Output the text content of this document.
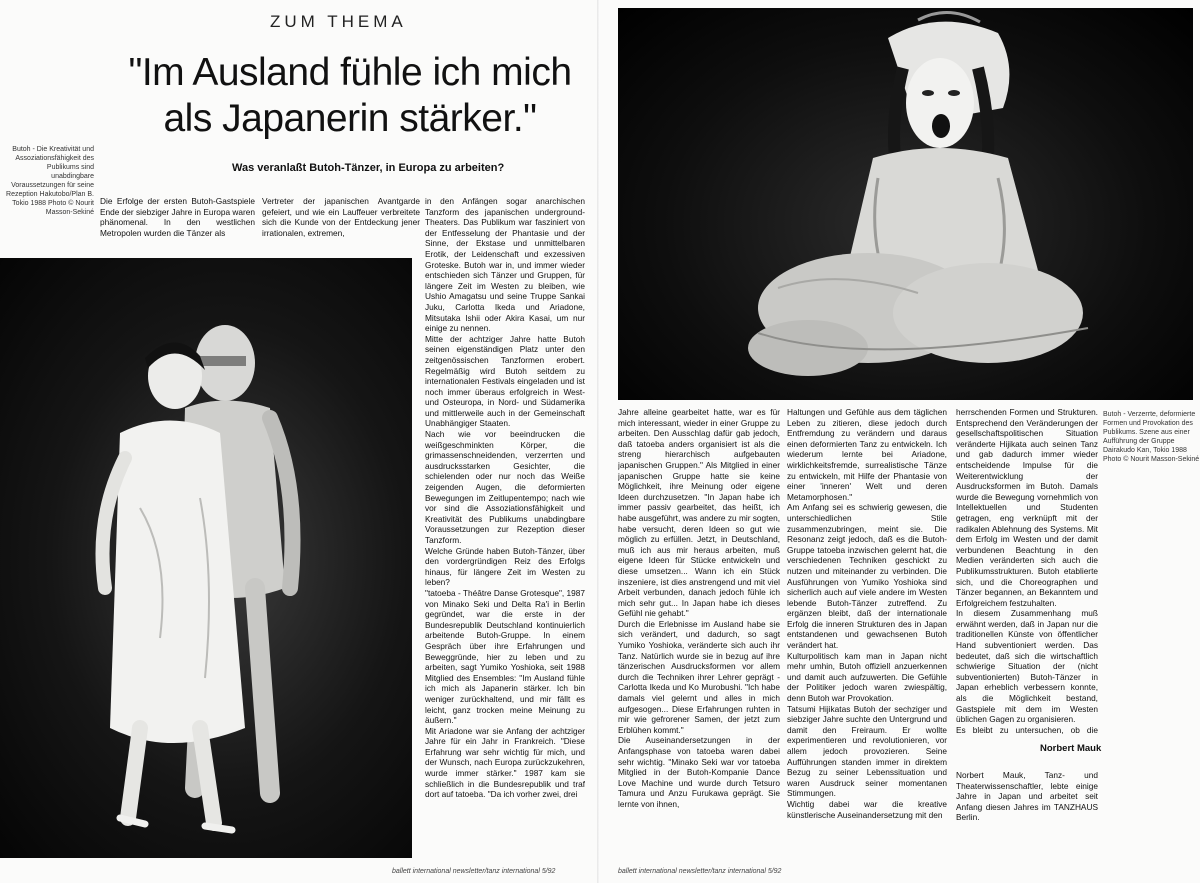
ZUM THEMA
"Im Ausland fühle ich mich als Japanerin stärker."
Was veranlaßt Butoh-Tänzer, in Europa zu arbeiten?
Butoh - Die Kreativität und Assoziationsfähigkeit des Publikums sind unabdingbare Voraussetzungen für seine Rezeption Hakutobo/Plan B. Tokio 1988 Photo © Nourit Masson-Sekiné

Die Erfolge der ersten Butoh-Gastspiele Ende der siebziger Jahre in Europa waren phänomenal. In den westlichen Metropolen wurden die Tänzer als

Vertreter der japanischen Avantgarde gefeiert, und wie ein Lauffeuer verbreitete sich die Kunde von der Entdeckung jener irrationalen, extremen,

in den Anfängen sogar anarchischen Tanzform des japanischen underground-Theaters. Das Publikum war fasziniert von der Entfesselung der Phantasie und der Sinne, der Ekstase und unmittelbaren Erotik, der Leidenschaft und exzessiven Groteske. Butoh war in, und immer wieder entschieden sich Tänzer und Gruppen, für längere Zeit im Westen zu bleiben, wie Ushio Amagatsu und seine Truppe Sankai Juku, Carlotta Ikeda und Ariadone, Mitsutaka Ishii oder Akira Kasai, um nur einige zu nennen.
Mitte der achtziger Jahre hatte Butoh seinen eigenständigen Platz unter den zeitgenössischen Tanzformen erobert. Regelmäßig wird Butoh seitdem zu internationalen Festivals eingeladen und ist noch immer überaus erfolgreich in West- und Osteuropa, in Nord- und Südamerika und mittlerweile auch in der Gemeinschaft Unabhängiger Staaten.
Nach wie vor beeindrucken die weißgeschminkten Körper, die grimassenschneidenden, verzerrten und ausdrucksstarken Gesichter, die schielenden oder nur noch das Weiße zeigenden Augen, die deformierten Bewegungen im Zeitlupentempo; nach wie vor sind die Assoziationsfähigkeit und Kreativität des Publikums unabdingbare Voraussetzungen zur Rezeption dieser Tanzform.
Welche Gründe haben Butoh-Tänzer, über den vordergründigen Reiz des Erfolgs hinaus, für längere Zeit im Westen zu leben?
"tatoeba - Théâtre Danse Grotesque", 1987 von Minako Seki und Delta Ra'i in Berlin gegründet, war die erste in der Bundesrepublik Deutschland kontinuierlich arbeitende Butoh-Gruppe. In einem Gespräch über ihre Erfahrungen und Beweggründe, hier zu leben und zu arbeiten, sagt Yumiko Yoshioka, seit 1988 Mitglied des Ensembles: "Im Ausland fühle ich mich als Japanerin stärker. Ich bin weniger zurückhaltend, und mir fällt es leicht, ganz trocken meine Meinung zu äußern."
Mit Ariadone war sie Anfang der achtziger Jahre für ein Jahr in Frankreich. "Diese Erfahrung war sehr wichtig für mich, und der Wunsch, nach Europa zurückzukehren, wurde immer stärker." 1987 kam sie schließlich in die Bundesrepublik und traf dort auf tatoeba. "Da ich vorher zwei, drei

ballett international newsletter/tanz international 5/92	ballett international newsletter/tanz international 5/92
Butoh - Verzerrte, deformierte Formen und Provokation des Publikums. Szene aus einer Aufführung der Gruppe Dairakudo Kan, Tokio 1988 Photo © Nourit Masson-Sekiné

Jahre alleine gearbeitet hatte, war es für mich interessant, wieder in einer Gruppe zu arbeiten. Den Ausschlag dafür gab jedoch, daß tatoeba anders organisiert ist als die streng hierarchisch aufgebauten japanischen Gruppen." Als Mitglied in einer japanischen Gruppe hatte sie keine Möglichkeit, ihre Meinung oder eigene Ideen durchzusetzen. "In Japan habe ich immer passiv gearbeitet, das heißt, ich habe ausgeführt, was andere zu mir sogten, habe versucht, deren Ideen so gut wie möglich zu erfüllen. Jetzt, in Deutschland, muß ich aus mir heraus arbeiten, muß eigene Ideen für Stücke entwickeln und diese umsetzen... Wann ich ein Stück inszeniere, ist dies anstrengend und mit viel Arbeit verbunden, danach jedoch fühle ich mich sehr gut... In Japan habe ich dieses Gefühl nie gehabt."
Durch die Erlebnisse im Ausland habe sie sich verändert, und dadurch, so sagt Yumiko Yoshioka, veränderte sich auch ihr Tanz. Natürlich wurde sie in bezug auf ihre tänzerischen Ausdrucksformen vor allem durch die Techniken ihrer Lehrer geprägt - Carlotta Ikeda und Ko Murobushi. "Ich habe damals viel gelernt und alles in mich aufgesogen... Diese Erfahrungen ruhten in mir wie gefrorener Samen, der jetzt zum Erblühen kommt."
Die Auseinandersetzungen in der Anfangsphase von tatoeba waren dabei sehr wichtig. "Minako Seki war vor tatoeba Mitglied in der Butoh-Kompanie Dance Love Machine und wurde durch Tetsuro Tamura und Anzu Furukawa geprägt. Sie lernte von ihnen,

Haltungen und Gefühle aus dem täglichen Leben zu zitieren, diese jedoch durch Entfremdung zu verändern und daraus einen deformierten Tanz zu entwickeln. Ich wiederum lernte bei Ariadone, wirklichkeitsfremde, surrealistische Tänze zu entwickeln, mit Hilfe der Phantasie von einer 'inneren' Welt und deren Metamorphosen."
Am Anfang sei es schwierig gewesen, die unterschiedlichen Stile zusammenzubringen, meint sie. Die Resonanz zeigt jedoch, daß es die Butoh-Gruppe tatoeba inzwischen gelernt hat, die verschiedenen Techniken geschickt zu nutzen und miteinander zu verbinden. Die Ausführungen von Yumiko Yoshioka sind sicherlich auch auf viele andere im Westen lebende Butoh-Tänzer zutreffend. Zu ergänzen bleibt, daß der internationale Erfolg die inneren Strukturen des in Japan entstandenen und gewachsenen Butoh verändert hat.
Kulturpolitisch kam man in Japan nicht mehr umhin, Butoh offiziell anzuerkennen und damit auch aufzuwerten. Die Gefühle der Politiker jedoch waren zwiespältig, denn Butoh war Provokation.
Tatsumi Hijikatas Butoh der sechziger und siebziger Jahre suchte den Untergrund und damit den Freiraum. Er wollte experimentieren und revolutionieren, vor allem jedoch provozieren. Seine Aufführungen standen immer in direktem Bezug zu seiner Lebenssituation und waren Ausdruck seiner momentanen Stimmungen.
Wichtig dabei war die kreative künstlerische Auseinandersetzung mit den

herrschenden Formen und Strukturen. Entsprechend den Veränderungen der gesellschaftspolitischen Situation veränderte Hijikata auch seinen Tanz und gab dadurch immer wieder entscheidende Impulse für die Weiterentwicklung der Ausdrucksformen im Butoh. Damals wurde die Bewegung vornehmlich von Intellektuellen und Studenten getragen, eng verknüpft mit der radikalen Ablehnung des Systems. Mit dem Erfolg im Westen und der damit verbundenen Beachtung in den Medien veränderten sich auch die Publikumsstrukturen. Butoh etablierte sich, und die Choreographen und Tänzer begannen, an Bekanntem und Erfolgreichem festzuhalten.
In diesem Zusammenhang muß erwähnt werden, daß in Japan nur die traditionellen Künste von öffentlicher Hand subventioniert werden. Das bedeutet, daß sich die wirtschaftlich schwierige Situation der (nicht subventionierten) Butoh-Tänzer in Japan erheblich verbessern konnte, als die Möglichkeit bestand, Gastspiele mit dem im Westen üblichen Gagen zu organisieren.
Es bleibt zu untersuchen, ob die

Norbert Mauk
Norbert Mauk, Tanz- und Theaterwissenschaftler, lebte einige Jahre in Japan und arbeitet seit Anfang diesen Jahres im TANZHAUS Berlin.
